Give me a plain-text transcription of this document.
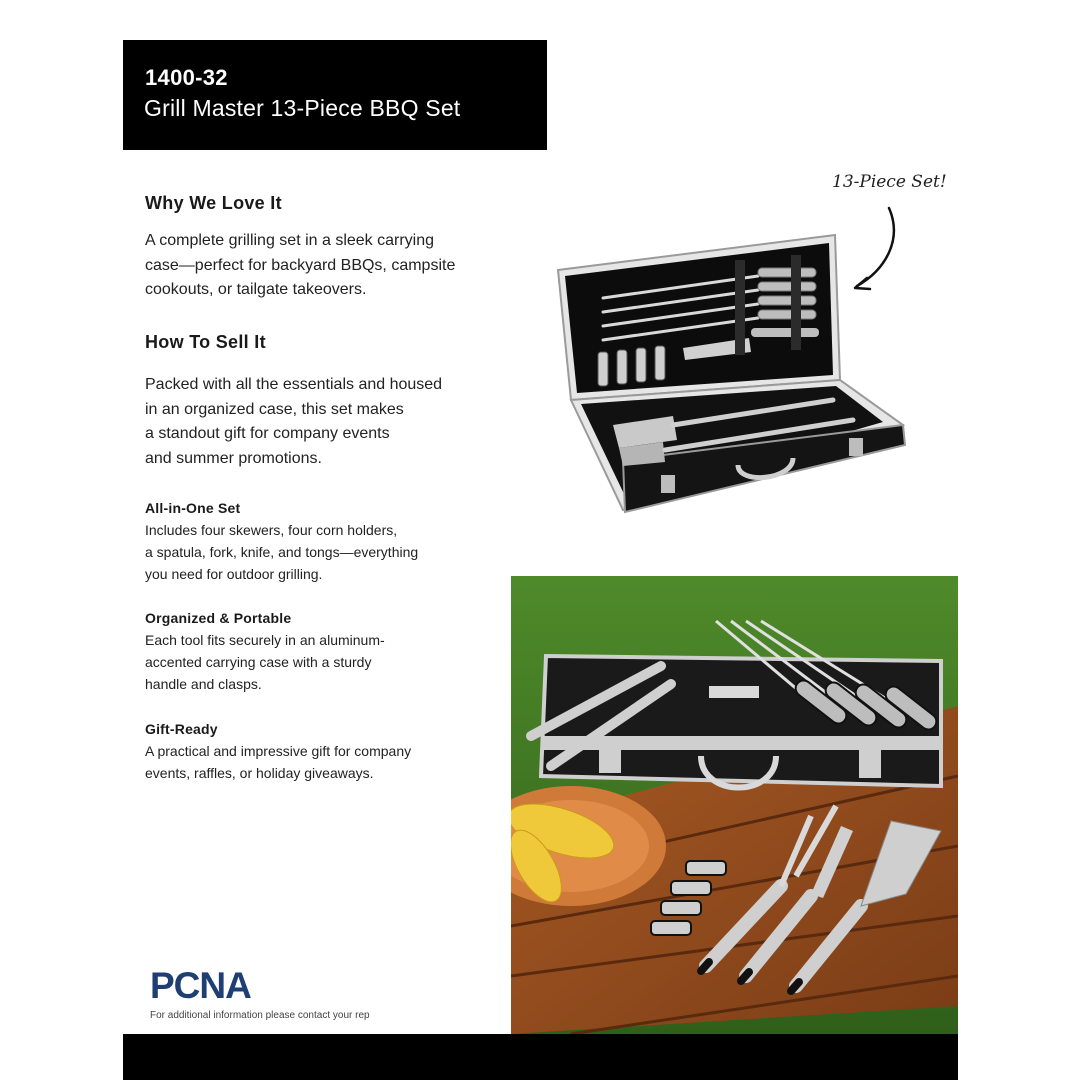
1400-32
Grill Master 13-Piece BBQ Set
Why We Love It
A complete grilling set in a sleek carrying
case—perfect for backyard BBQs, campsite
cookouts, or tailgate takeovers.
How To Sell It
Packed with all the essentials and housed
in an organized case, this set makes
a standout gift for company events
and summer promotions.
All-in-One Set
Includes four skewers, four corn holders,
a spatula, fork, knife, and tongs—everything
you need for outdoor grilling.
Organized & Portable
Each tool fits securely in an aluminum-
accented carrying case with a sturdy
handle and clasps.
Gift-Ready
A practical and impressive gift for company
events, raffles, or holiday giveaways.
13-Piece Set!
PCNA
For additional information please contact your rep
